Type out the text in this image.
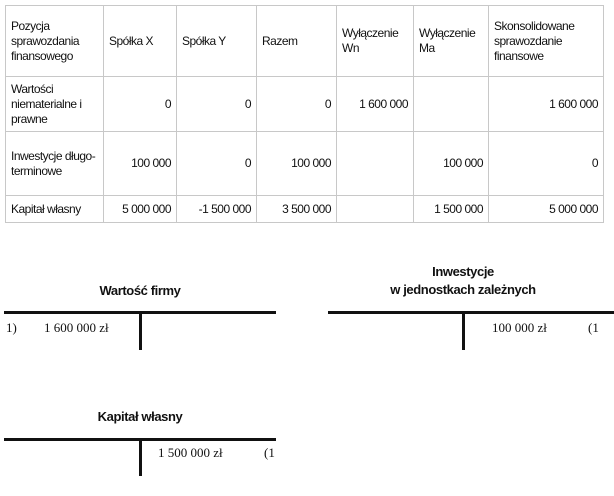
Pozycja sprawozdania finansowego	Spółka X	Spółka Y	Razem	Wyłączenie Wn	Wyłączenie Ma	Skonsolidowane sprawozdanie finansowe
Wartości niematerialne i prawne	0	0	0	1 600 000		1 600 000
Inwestycje długo-terminowe	100 000	0	100 000		100 000	0
Kapitał własny	5 000 000	-1 500 000	3 500 000		1 500 000	5 000 000
Wartość firmy
1) 1 600 000 zł
Inwestycje
w jednostkach zależnych
100 000 zł	(1
Kapitał własny
1 500 000 zł	(1
